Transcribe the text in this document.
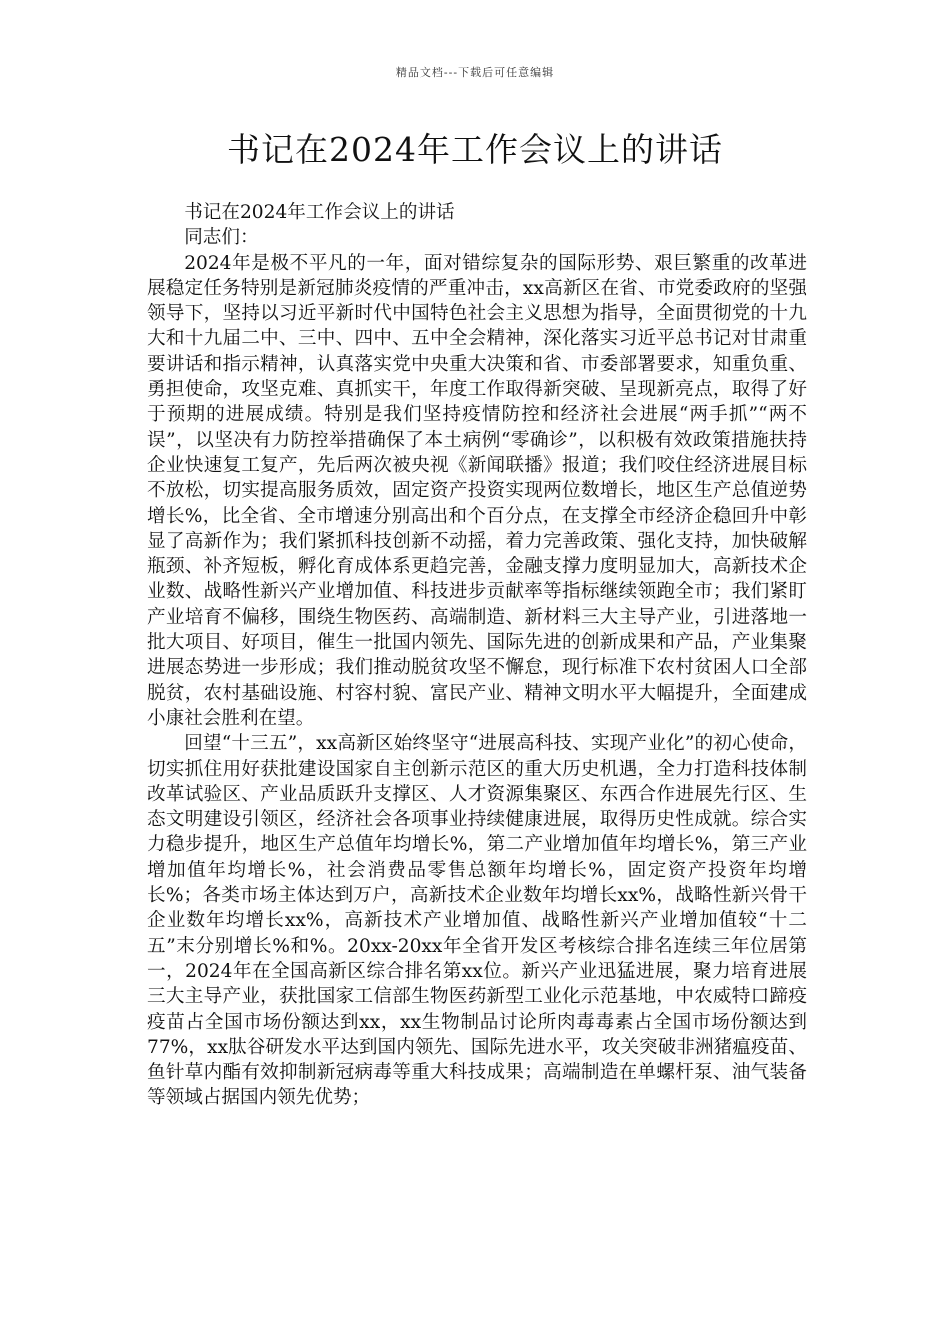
精品文档---下载后可任意编辑
书记在2024年工作会议上的讲话

书记在2024年工作会议上的讲话

同志们：

2024年是极不平凡的一年，面对错综复杂的国际形势、艰巨繁重的改革进展稳定任务特别是新冠肺炎疫情的严重冲击，xx高新区在省、市党委政府的坚强领导下，坚持以习近平新时代中国特色社会主义思想为指导，全面贯彻党的十九大和十九届二中、三中、四中、五中全会精神，深化落实习近平总书记对甘肃重要讲话和指示精神，认真落实党中央重大决策和省、市委部署要求，知重负重、勇担使命，攻坚克难、真抓实干，年度工作取得新突破、呈现新亮点，取得了好于预期的进展成绩。特别是我们坚持疫情防控和经济社会进展“两手抓”“两不误”，以坚决有力防控举措确保了本土病例“零确诊”，以积极有效政策措施扶持企业快速复工复产，先后两次被央视《新闻联播》报道；我们咬住经济进展目标不放松，切实提高服务质效，固定资产投资实现两位数增长，地区生产总值逆势增长%，比全省、全市增速分别高出和个百分点，在支撑全市经济企稳回升中彰显了高新作为；我们紧抓科技创新不动摇，着力完善政策、强化支持，加快破解瓶颈、补齐短板，孵化育成体系更趋完善，金融支撑力度明显加大，高新技术企业数、战略性新兴产业增加值、科技进步贡献率等指标继续领跑全市；我们紧盯产业培育不偏移，围绕生物医药、高端制造、新材料三大主导产业，引进落地一批大项目、好项目，催生一批国内领先、国际先进的创新成果和产品，产业集聚进展态势进一步形成；我们推动脱贫攻坚不懈怠，现行标准下农村贫困人口全部脱贫，农村基础设施、村容村貌、富民产业、精神文明水平大幅提升，全面建成小康社会胜利在望。

回望“十三五”，xx高新区始终坚守“进展高科技、实现产业化”的初心使命，切实抓住用好获批建设国家自主创新示范区的重大历史机遇，全力打造科技体制改革试验区、产业品质跃升支撑区、人才资源集聚区、东西合作进展先行区、生态文明建设引领区，经济社会各项事业持续健康进展，取得历史性成就。综合实力稳步提升，地区生产总值年均增长%，第二产业增加值年均增长%，第三产业增加值年均增长%，社会消费品零售总额年均增长%，固定资产投资年均增长%；各类市场主体达到万户，高新技术企业数年均增长xx%，战略性新兴骨干企业数年均增长xx%，高新技术产业增加值、战略性新兴产业增加值较“十二五”末分别增长%和%。20xx-20xx年全省开发区考核综合排名连续三年位居第一，2024年在全国高新区综合排名第xx位。新兴产业迅猛进展，聚力培育进展三大主导产业，获批国家工信部生物医药新型工业化示范基地，中农威特口蹄疫疫苗占全国市场份额达到xx，xx生物制品讨论所肉毒毒素占全国市场份额达到77%，xx肽谷研发水平达到国内领先、国际先进水平，攻关突破非洲猪瘟疫苗、鱼针草内酯有效抑制新冠病毒等重大科技成果；高端制造在单螺杆泵、油气装备等领域占据国内领先优势；
